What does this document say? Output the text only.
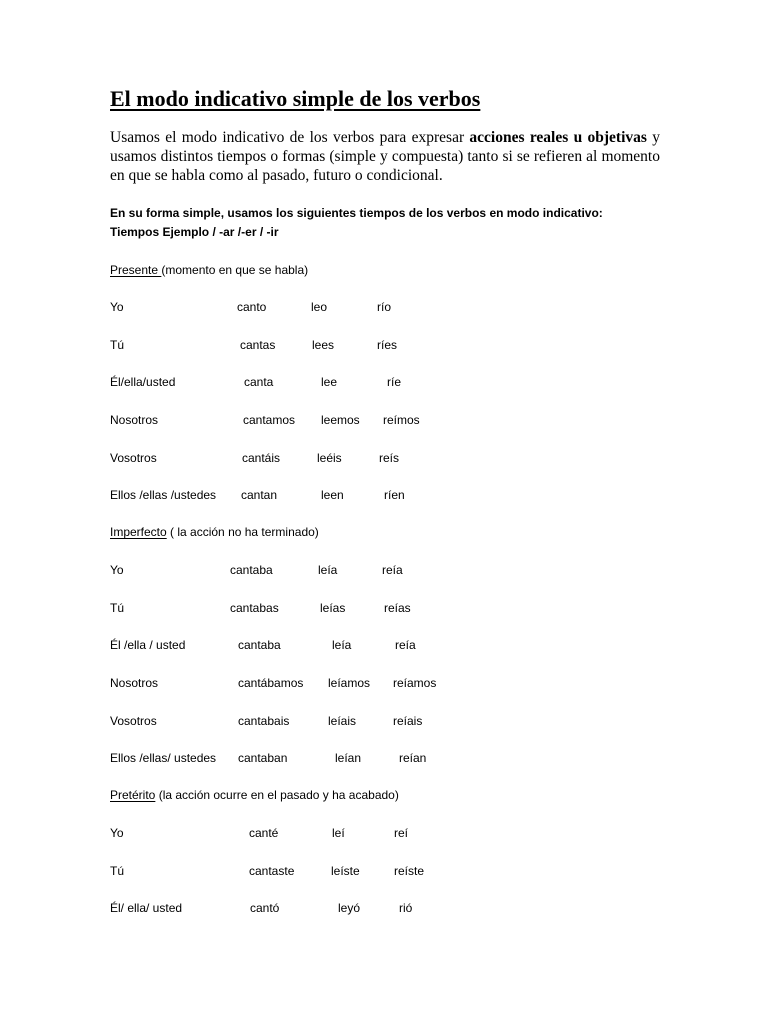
El modo indicativo simple de los verbos
Usamos el modo indicativo de los verbos para expresar acciones reales u objetivas y
usamos distintos tiempos o formas (simple y compuesta) tanto si se refieren al momento
en que se habla como al pasado, futuro o condicional.
En su forma simple, usamos los siguientes tiempos de los verbos en modo indicativo:
Tiempos Ejemplo / -ar /-er / -ir
Presente (momento en que se habla)
Yo	canto	leo	río
Tú	cantas	lees	ríes
Él/ella/usted	canta	lee	ríe
Nosotros	cantamos leemos reímos
Vosotros	cantáis	leéis	reís
Ellos /ellas /ustedes cantan	leen	ríen
Imperfecto ( la acción no ha terminado)
Yo	cantaba	leía	reía
Tú	cantabas	leías	reías
Él /ella / usted	cantaba	leía	reía
Nosotros	cantábamos leíamos reíamos
Vosotros	cantabais	leíais	reíais
Ellos /ellas/ ustedes cantaban	leían	reían
Pretérito (la acción ocurre en el pasado y ha acabado)
Yo	canté	leí	reí
Tú	cantaste	leíste	reíste
Él/ ella/ usted	cantó	leyó	rió
